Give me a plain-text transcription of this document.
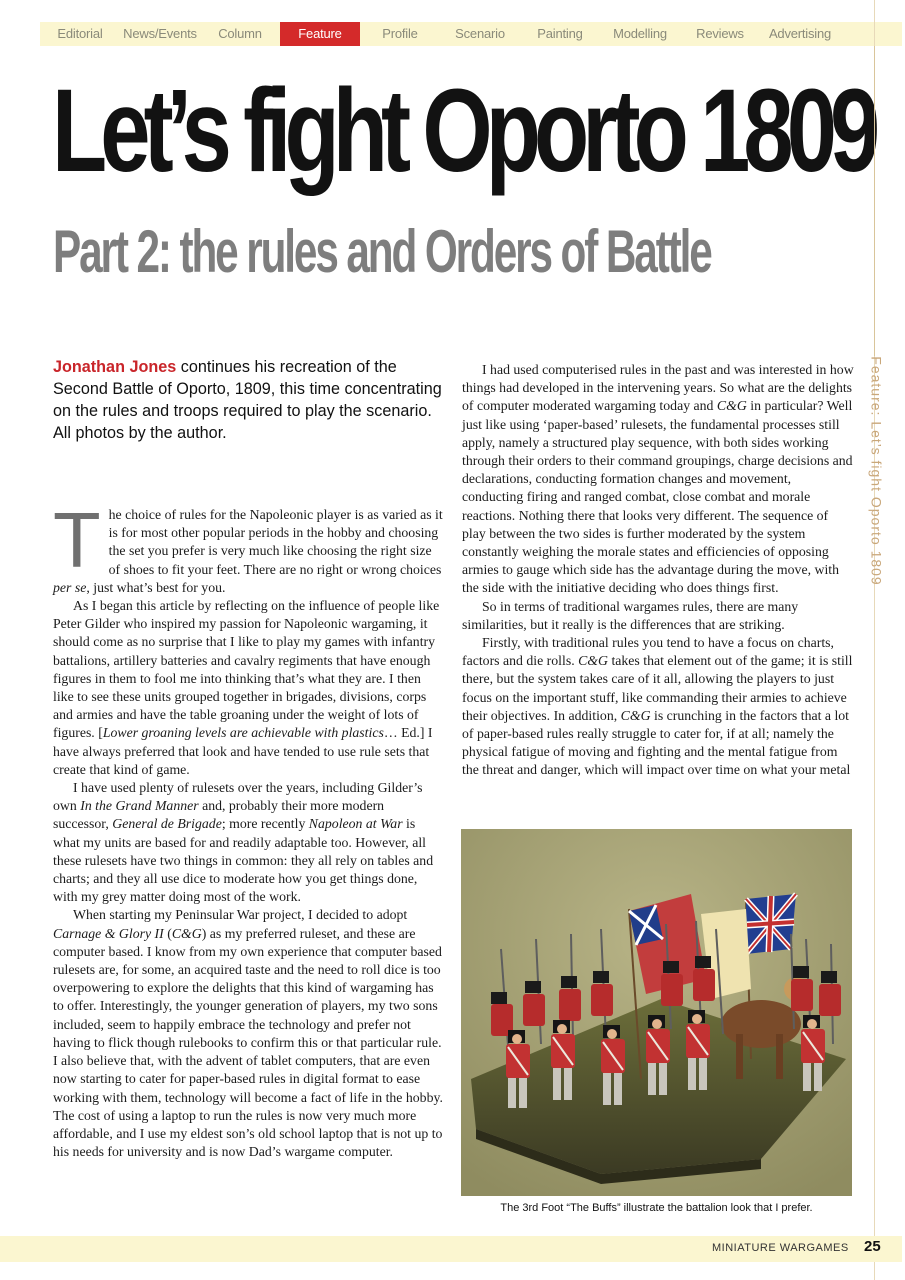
Editorial	News/Events	Column	Feature	Profile	Scenario	Painting	Modelling	Reviews	Advertising
Let’s fight Oporto 1809
Part 2: the rules and Orders of Battle
Jonathan Jones continues his recreation of the Second Battle of Oporto, 1809, this time concentrating on the rules and troops required to play the scenario. All photos by the author.

The choice of rules for the Napoleonic player is as varied as it is for most other popular periods in the hobby and choosing the set you prefer is very much like choosing the right size of shoes to fit your feet. There are no right or wrong choices per se, just what’s best for you.

As I began this article by reflecting on the influence of people like Peter Gilder who inspired my passion for Napoleonic wargaming, it should come as no surprise that I like to play my games with infantry battalions, artillery batteries and cavalry regiments that have enough figures in them to fool me into thinking that’s what they are. I then like to see these units grouped together in brigades, divisions, corps and armies and have the table groaning under the weight of lots of figures. [Lower groaning levels are achievable with plastics… Ed.] I have always preferred that look and have tended to use rule sets that create that kind of game.

I have used plenty of rulesets over the years, including Gilder’s own In the Grand Manner and, probably their more modern successor, General de Brigade; more recently Napoleon at War is what my units are based for and readily adaptable too. However, all these rulesets have two things in common: they all rely on tables and charts; and they all use dice to moderate how you get things done, with my grey matter doing most of the work.

When starting my Peninsular War project, I decided to adopt Carnage & Glory II (C&G) as my preferred ruleset, and these are computer based. I know from my own experience that computer based rulesets are, for some, an acquired taste and the need to roll dice is too overpowering to explore the delights that this kind of wargaming has to offer. Interestingly, the younger generation of players, my two sons included, seem to happily embrace the technology and prefer not having to flick though rulebooks to confirm this or that particular rule. I also believe that, with the advent of tablet computers, that are even now starting to cater for paper-based rules in digital format to ease working with them, technology will become a fact of life in the hobby. The cost of using a laptop to run the rules is now very much more affordable, and I use my eldest son’s old school laptop that is not up to his needs for university and is now Dad’s wargame computer.

I had used computerised rules in the past and was interested in how things had developed in the intervening years. So what are the delights of computer moderated wargaming today and C&G in particular? Well just like using ‘paper-based’ rulesets, the fundamental processes still apply, namely a structured play sequence, with both sides working through their orders to their command groupings, charge decisions and declarations, conducting formation changes and movement, conducting firing and ranged combat, close combat and morale reactions. Nothing there that looks very different. The sequence of play between the two sides is further moderated by the system constantly weighing the morale states and efficiencies of opposing armies to gauge which side has the advantage during the move, with the side with the initiative deciding who does things first.

So in terms of traditional wargames rules, there are many similarities, but it really is the differences that are striking.

Firstly, with traditional rules you tend to have a focus on charts, factors and die rolls. C&G takes that element out of the game; it is still there, but the system takes care of it all, allowing the players to just focus on the important stuff, like commanding their armies to achieve their objectives. In addition, C&G is crunching in the factors that a lot of paper-based rules really struggle to cater for, if at all; namely the physical fatigue of moving and fighting and the mental fatigue from the threat and danger, which will impact over time on what your metal

Feature: Let’s fight Oporto 1809
The 3rd Foot “The Buffs” illustrate the battalion look that I prefer.
MINIATURE WARGAMES 25
